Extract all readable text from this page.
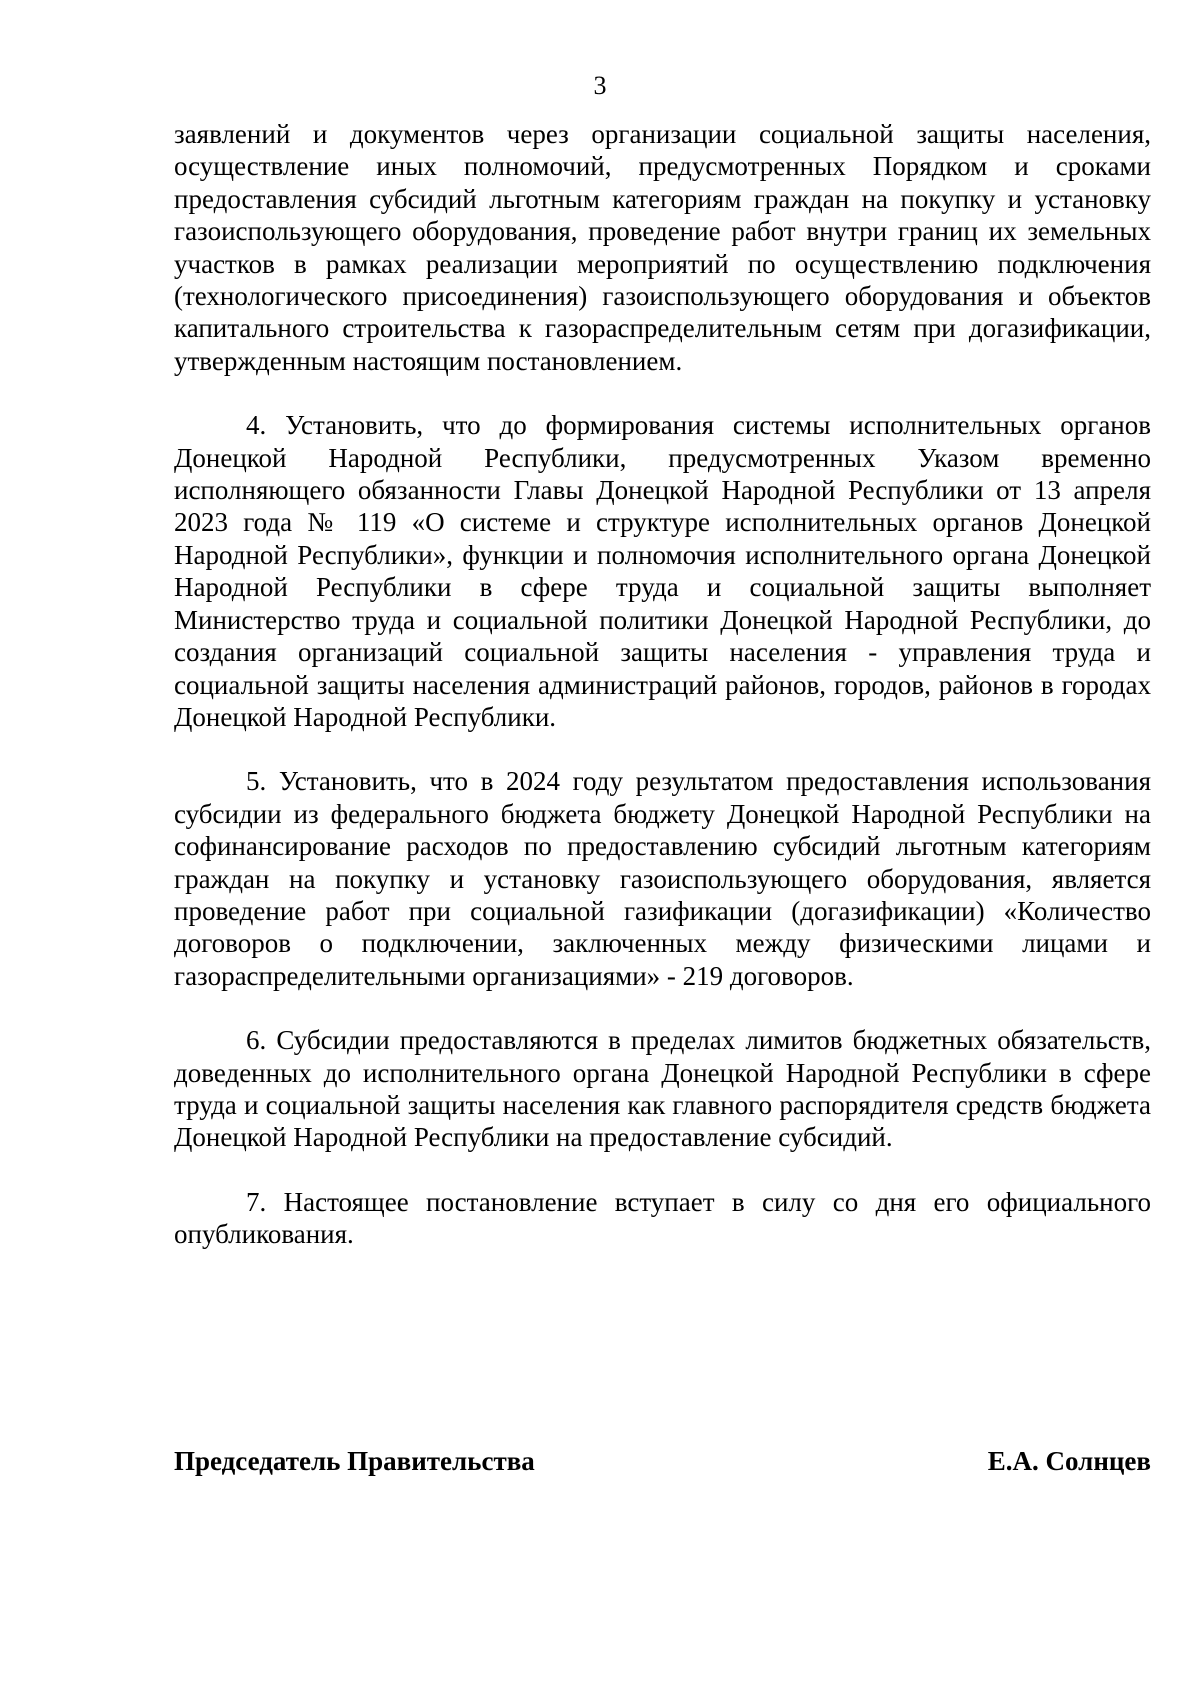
3

заявлений и документов через организации социальной защиты населения, осуществление иных полномочий, предусмотренных Порядком и сроками предоставления субсидий льготным категориям граждан на покупку и установку газоиспользующего оборудования, проведение работ внутри границ их земельных участков в рамках реализации мероприятий по осуществлению подключения (технологического присоединения) газоиспользующего оборудования и объектов капитального строительства к газораспределительным сетям при догазификации, утвержденным настоящим постановлением.

4. Установить, что до формирования системы исполнительных органов Донецкой Народной Республики, предусмотренных Указом временно исполняющего обязанности Главы Донецкой Народной Республики от 13 апреля 2023 года № 119 «О системе и структуре исполнительных органов Донецкой Народной Республики», функции и полномочия исполнительного органа Донецкой Народной Республики в сфере труда и социальной защиты выполняет Министерство труда и социальной политики Донецкой Народной Республики, до создания организаций социальной защиты населения - управления труда и социальной защиты населения администраций районов, городов, районов в городах Донецкой Народной Республики.

5. Установить, что в 2024 году результатом предоставления использования субсидии из федерального бюджета бюджету Донецкой Народной Республики на софинансирование расходов по предоставлению субсидий льготным категориям граждан на покупку и установку газоиспользующего оборудования, является проведение работ при социальной газификации (догазификации) «Количество договоров о подключении, заключенных между физическими лицами и газораспределительными организациями» - 219 договоров.

6. Субсидии предоставляются в пределах лимитов бюджетных обязательств, доведенных до исполнительного органа Донецкой Народной Республики в сфере труда и социальной защиты населения как главного распорядителя средств бюджета Донецкой Народной Республики на предоставление субсидий.

7. Настоящее постановление вступает в силу со дня его официального опубликования.

Председатель Правительства	Е.А. Солнцев
